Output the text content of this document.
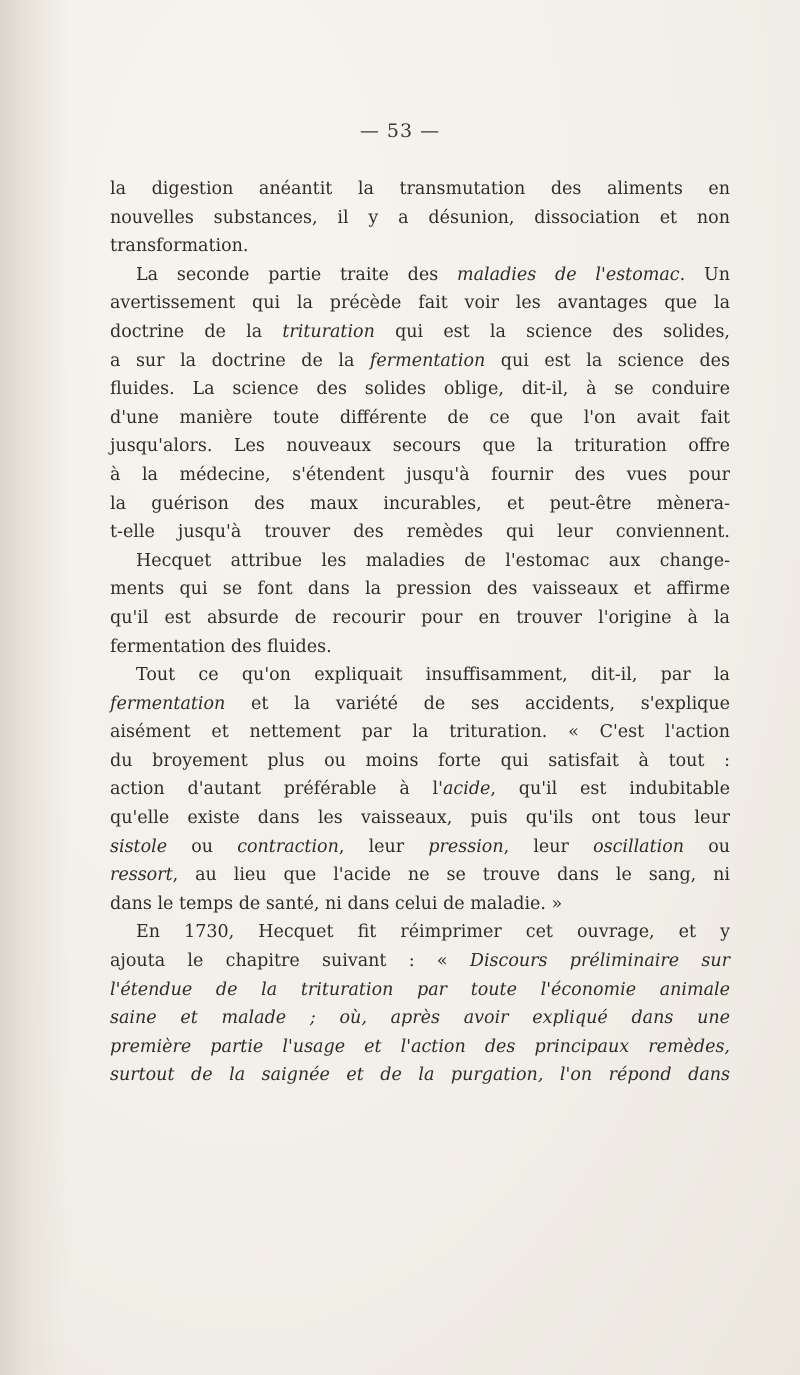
— 53 —
la digestion anéantit la transmutation des aliments en
nouvelles substances, il y a désunion, dissociation et non
transformation.
La seconde partie traite des maladies de l'estomac. Un
avertissement qui la précède fait voir les avantages que la
doctrine de la trituration qui est la science des solides,
a sur la doctrine de la fermentation qui est la science des
fluides. La science des solides oblige, dit-il, à se conduire
d'une manière toute différente de ce que l'on avait fait
jusqu'alors. Les nouveaux secours que la trituration offre
à la médecine, s'étendent jusqu'à fournir des vues pour
la guérison des maux incurables, et peut-être mènera-
t-elle jusqu'à trouver des remèdes qui leur conviennent.
Hecquet attribue les maladies de l'estomac aux change-
ments qui se font dans la pression des vaisseaux et affirme
qu'il est absurde de recourir pour en trouver l'origine à la
fermentation des fluides.
Tout ce qu'on expliquait insuffisamment, dit-il, par la
fermentation et la variété de ses accidents, s'explique
aisément et nettement par la trituration. « C'est l'action
du broyement plus ou moins forte qui satisfait à tout :
action d'autant préférable à l'acide, qu'il est indubitable
qu'elle existe dans les vaisseaux, puis qu'ils ont tous leur
sistole ou contraction, leur pression, leur oscillation ou
ressort, au lieu que l'acide ne se trouve dans le sang, ni
dans le temps de santé, ni dans celui de maladie. »
En 1730, Hecquet fit réimprimer cet ouvrage, et y
ajouta le chapitre suivant : « Discours préliminaire sur
l'étendue de la trituration par toute l'économie animale
saine et malade ; où, après avoir expliqué dans une
première partie l'usage et l'action des principaux remèdes,
surtout de la saignée et de la purgation, l'on répond dans
